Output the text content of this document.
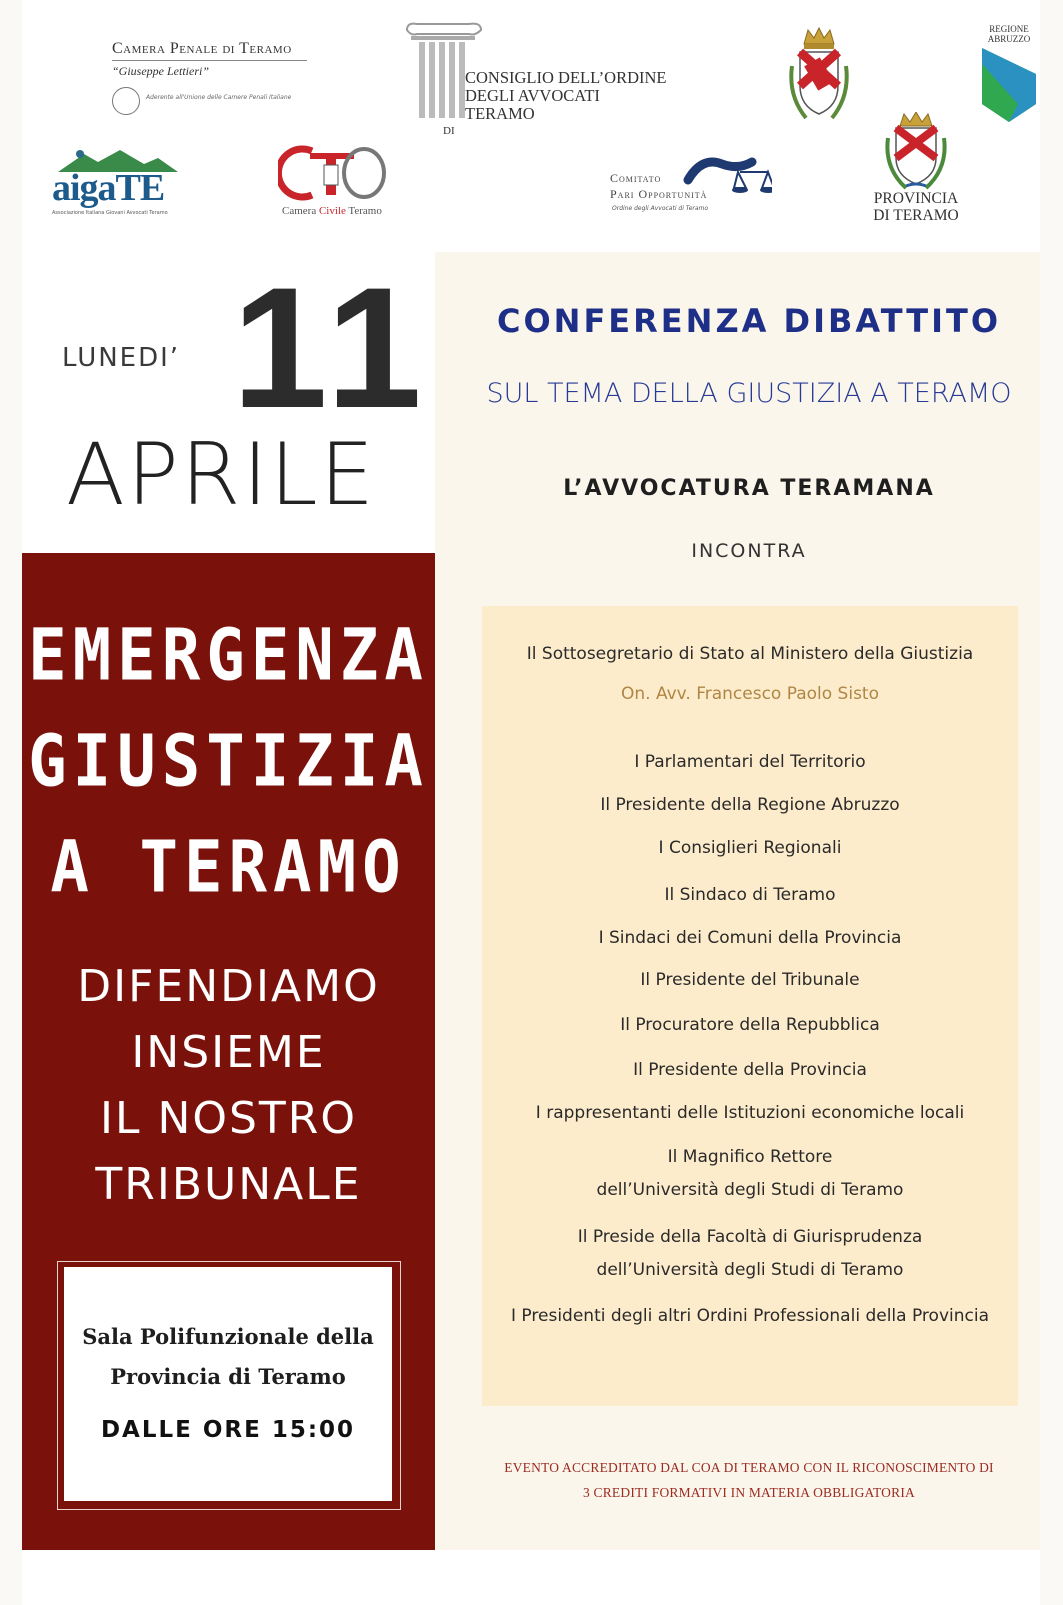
Camera Penale di Teramo
“Giuseppe Lettieri”
Aderente all'Unione delle Camere Penali Italiane
CONSIGLIO DELL’ORDINE
DEGLI AVVOCATI
TERAMO
DI
REGIONE
ABRUZZO
aigaTE
Associazione Italiana Giovani Avvocati Teramo	Camera Civile Teramo
Comitato
Pari Opportunità
Ordine degli Avvocati di Teramo
PROVINCIA
DI TERAMO
LUNEDI’ 11
APRILE
EMERGENZA
GIUSTIZIA
A TERAMO
DIFENDIAMO
INSIEME
IL NOSTRO
TRIBUNALE
Sala Polifunzionale della
Provincia di Teramo
DALLE ORE 15:00
CONFERENZA DIBATTITO
SUL TEMA DELLA GIUSTIZIA A TERAMO
L’AVVOCATURA TERAMANA
INCONTRA
Il Sottosegretario di Stato al Ministero della Giustizia
On. Avv. Francesco Paolo Sisto
I Parlamentari del Territorio
Il Presidente della Regione Abruzzo
I Consiglieri Regionali
Il Sindaco di Teramo
I Sindaci dei Comuni della Provincia
Il Presidente del Tribunale
Il Procuratore della Repubblica
Il Presidente della Provincia
I rappresentanti delle Istituzioni economiche locali
Il Magnifico Rettore
dell’Università degli Studi di Teramo
Il Preside della Facoltà di Giurisprudenza
dell’Università degli Studi di Teramo
I Presidenti degli altri Ordini Professionali della Provincia
EVENTO ACCREDITATO DAL COA DI TERAMO CON IL RICONOSCIMENTO DI
3 CREDITI FORMATIVI IN MATERIA OBBLIGATORIA
